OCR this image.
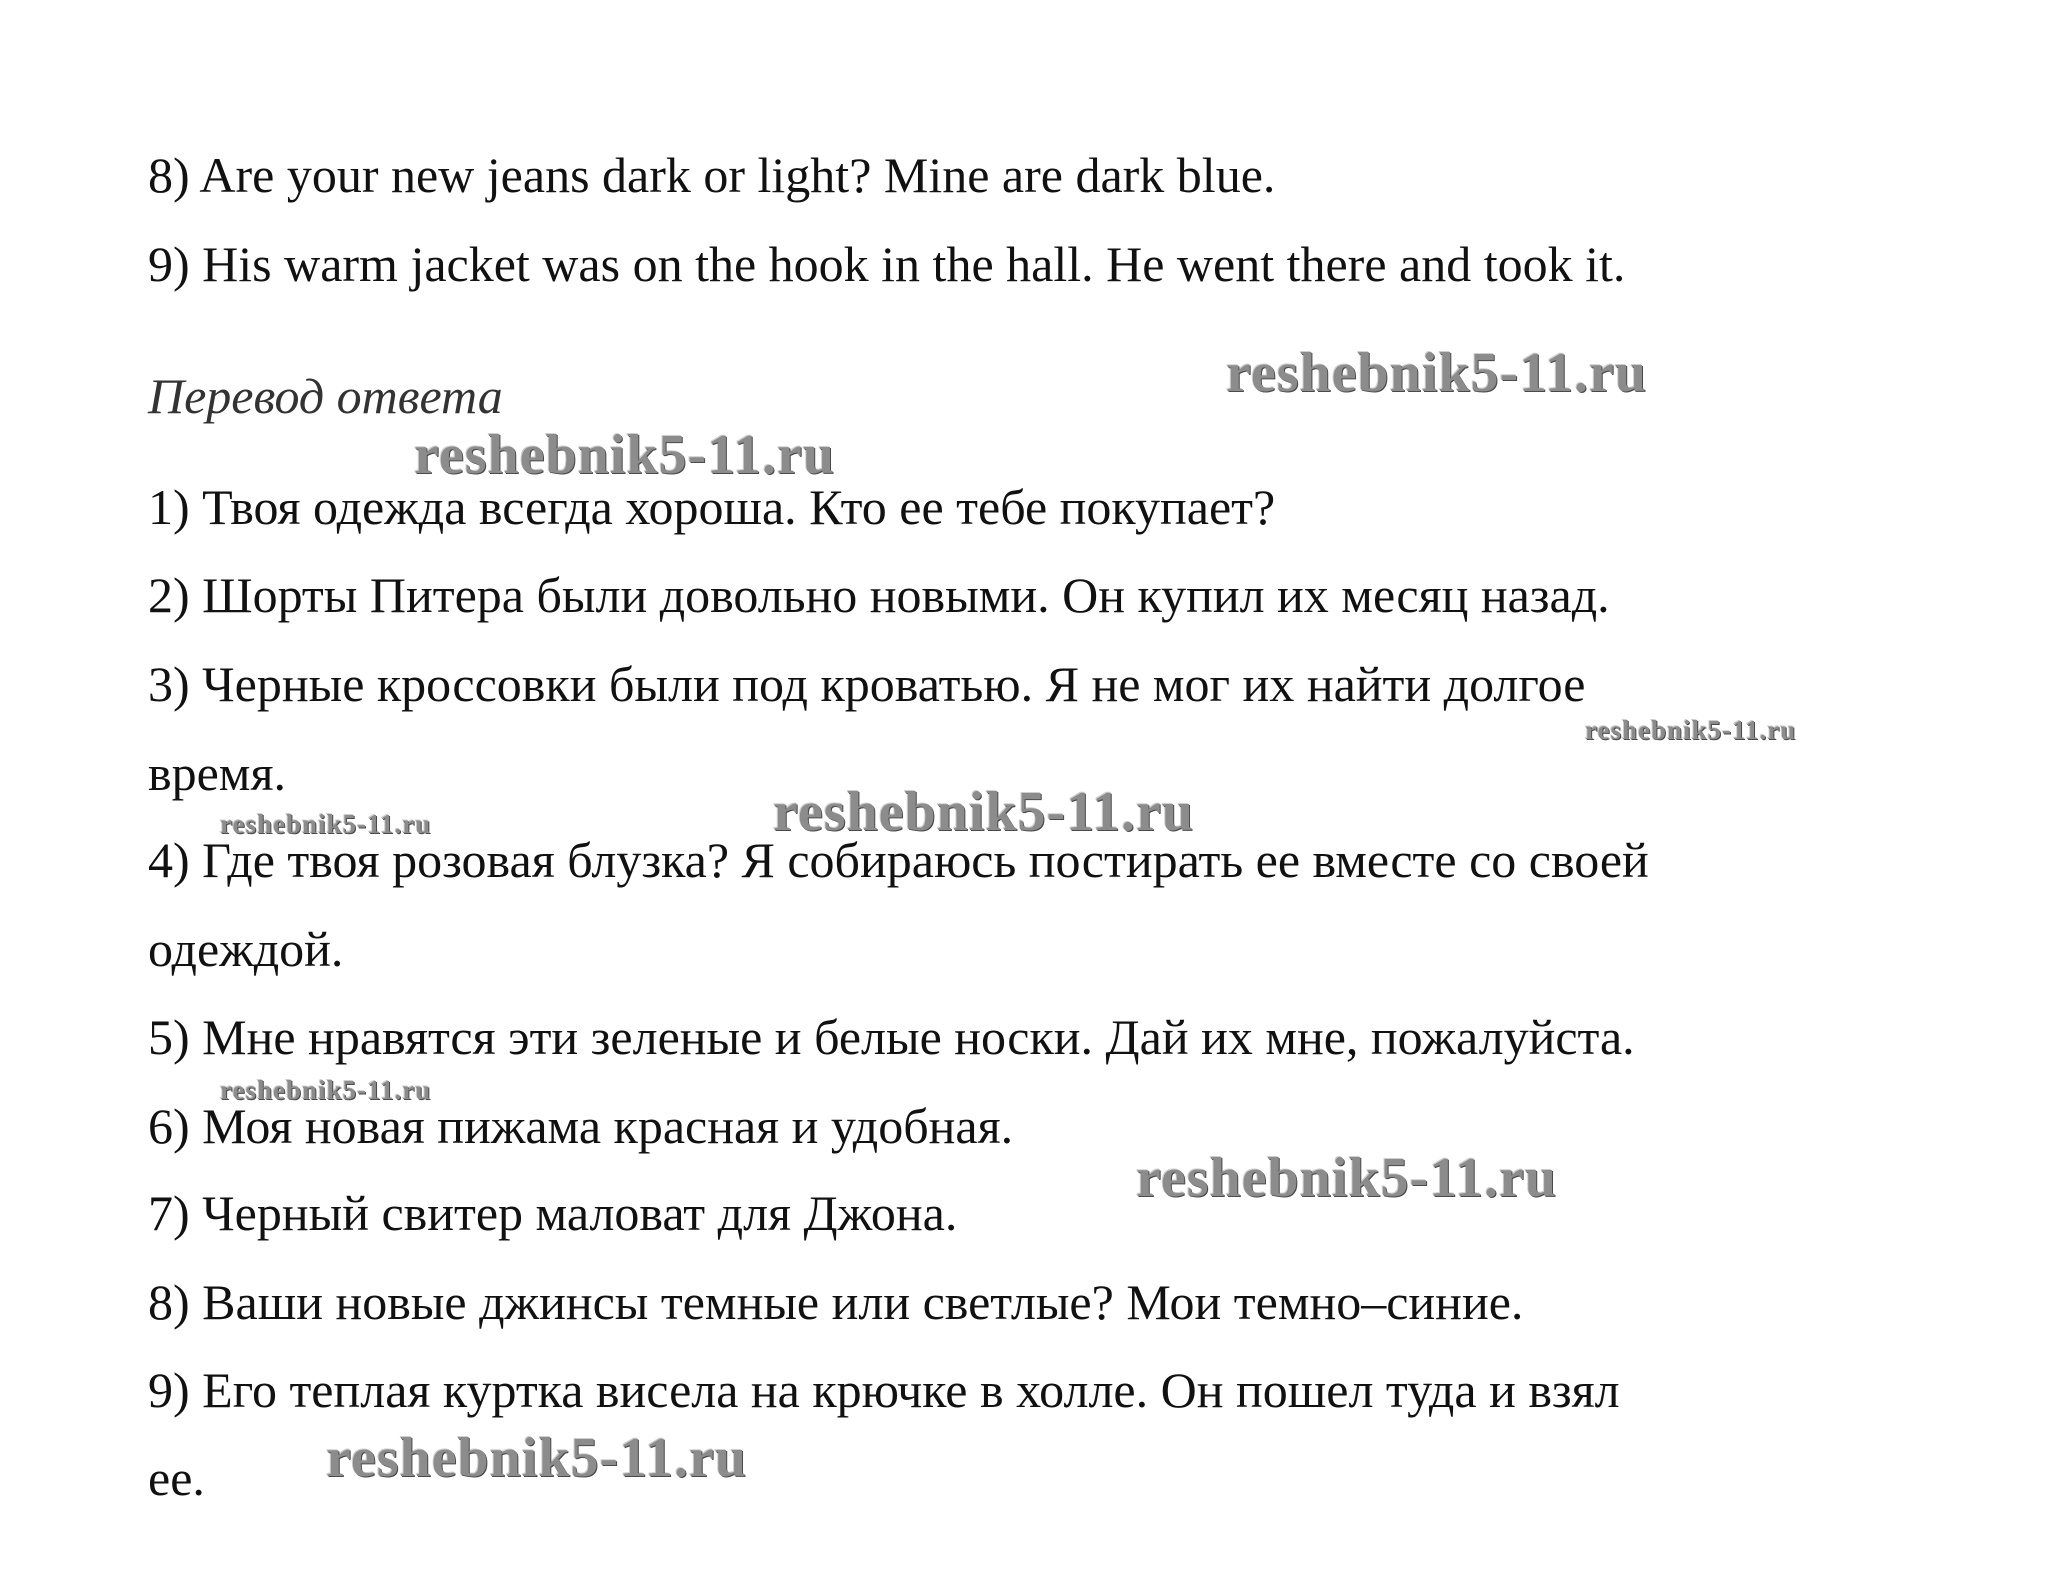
8) Are your new jeans dark or light? Mine are dark blue.
9) His warm jacket was on the hook in the hall. He went there and took it.
Перевод ответа
1) Твоя одежда всегда хороша. Кто ее тебе покупает?
2) Шорты Питера были довольно новыми. Он купил их месяц назад.
3) Черные кроссовки были под кроватью. Я не мог их найти долгое
время.
4) Где твоя розовая блузка? Я собираюсь постирать ее вместе со своей
одеждой.
5) Мне нравятся эти зеленые и белые носки. Дай их мне, пожалуйста.
6) Моя новая пижама красная и удобная.
7) Черный свитер маловат для Джона.
8) Ваши новые джинсы темные или светлые? Мои темно–синие.
9) Его теплая куртка висела на крючке в холле. Он пошел туда и взял
ее.
reshebnik5-11.ru
reshebnik5-11.ru
reshebnik5-11.ru
reshebnik5-11.ru	reshebnik5-11.ru
reshebnik5-11.ru
reshebnik5-11.ru
reshebnik5-11.ru
